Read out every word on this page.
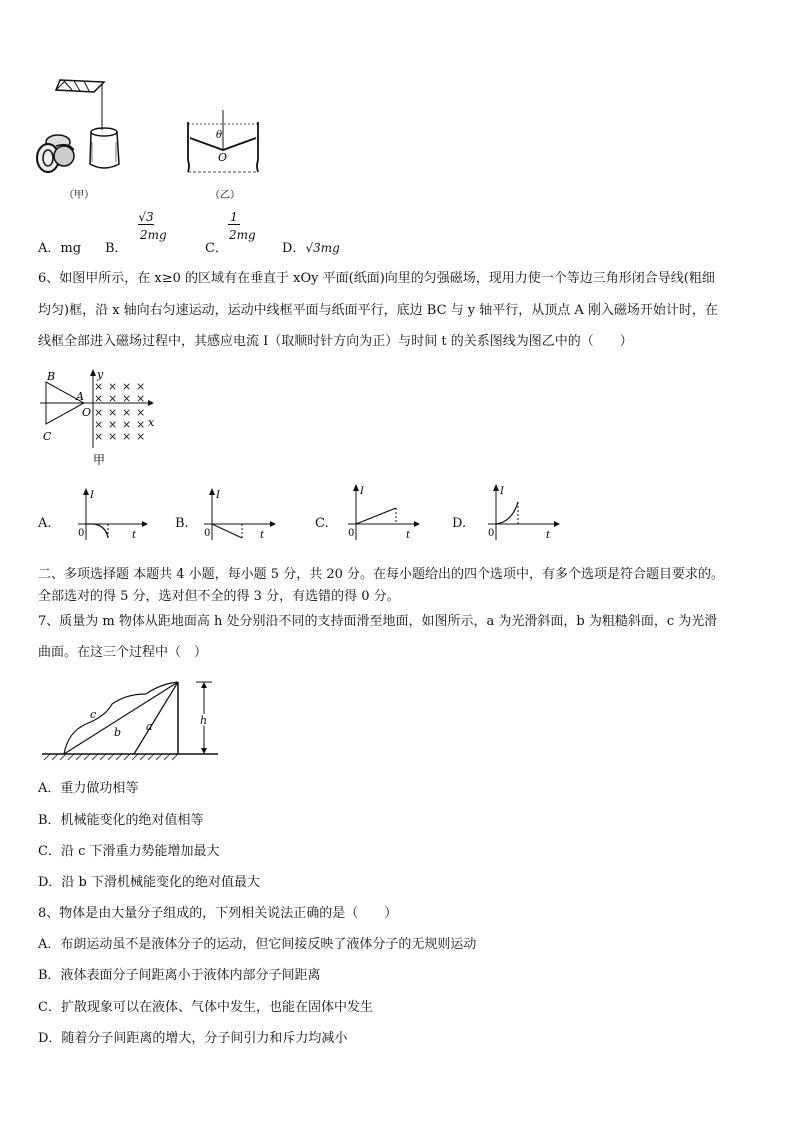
（甲）
θ
O
（乙）
A．mg B．
$\frac{√3}{2mg}$
C．
$\frac{1}{2mg}$
D．√3mg
6、如图甲所示，在 x≥0 的区域有在垂直于 xOy 平面(纸面)向里的匀强磁场，现用力使一个等边三角形闭合导线(粗细
均匀)框，沿 x 轴向右匀速运动，运动中线框平面与纸面平行，底边 BC 与 y 轴平行，从顶点 A 刚入磁场开始计时，在
线框全部进入磁场过程中，其感应电流 I（取顺时针方向为正）与时间 t 的关系图线为图乙中的（　　）
B
A
C
y
x
O
× × × ×
× × × ×
× × × ×
× × × ×
× × × ×
甲
A.
I
0	t
B.
I
0	t
C.
I
0	t
D.
I
0	t
二、多项选择题 本题共 4 小题，每小题 5 分，共 20 分。在每小题给出的四个选项中，有多个选项是符合题目要求的。
全部选对的得 5 分，选对但不全的得 3 分，有选错的得 0 分。
7、质量为 m 物体从距地面高 h 处分别沿不同的支持面滑至地面，如图所示，a 为光滑斜面，b 为粗糙斜面，c 为光滑
曲面。在这三个过程中（　）
c
b a	h
A．重力做功相等
B．机械能变化的绝对值相等
C．沿 c 下滑重力势能增加最大
D．沿 b 下滑机械能变化的绝对值最大
8、物体是由大量分子组成的，下列相关说法正确的是（　　）
A．布朗运动虽不是液体分子的运动，但它间接反映了液体分子的无规则运动
B．液体表面分子间距离小于液体内部分子间距离
C．扩散现象可以在液体、气体中发生，也能在固体中发生
D．随着分子间距离的增大，分子间引力和斥力均减小
